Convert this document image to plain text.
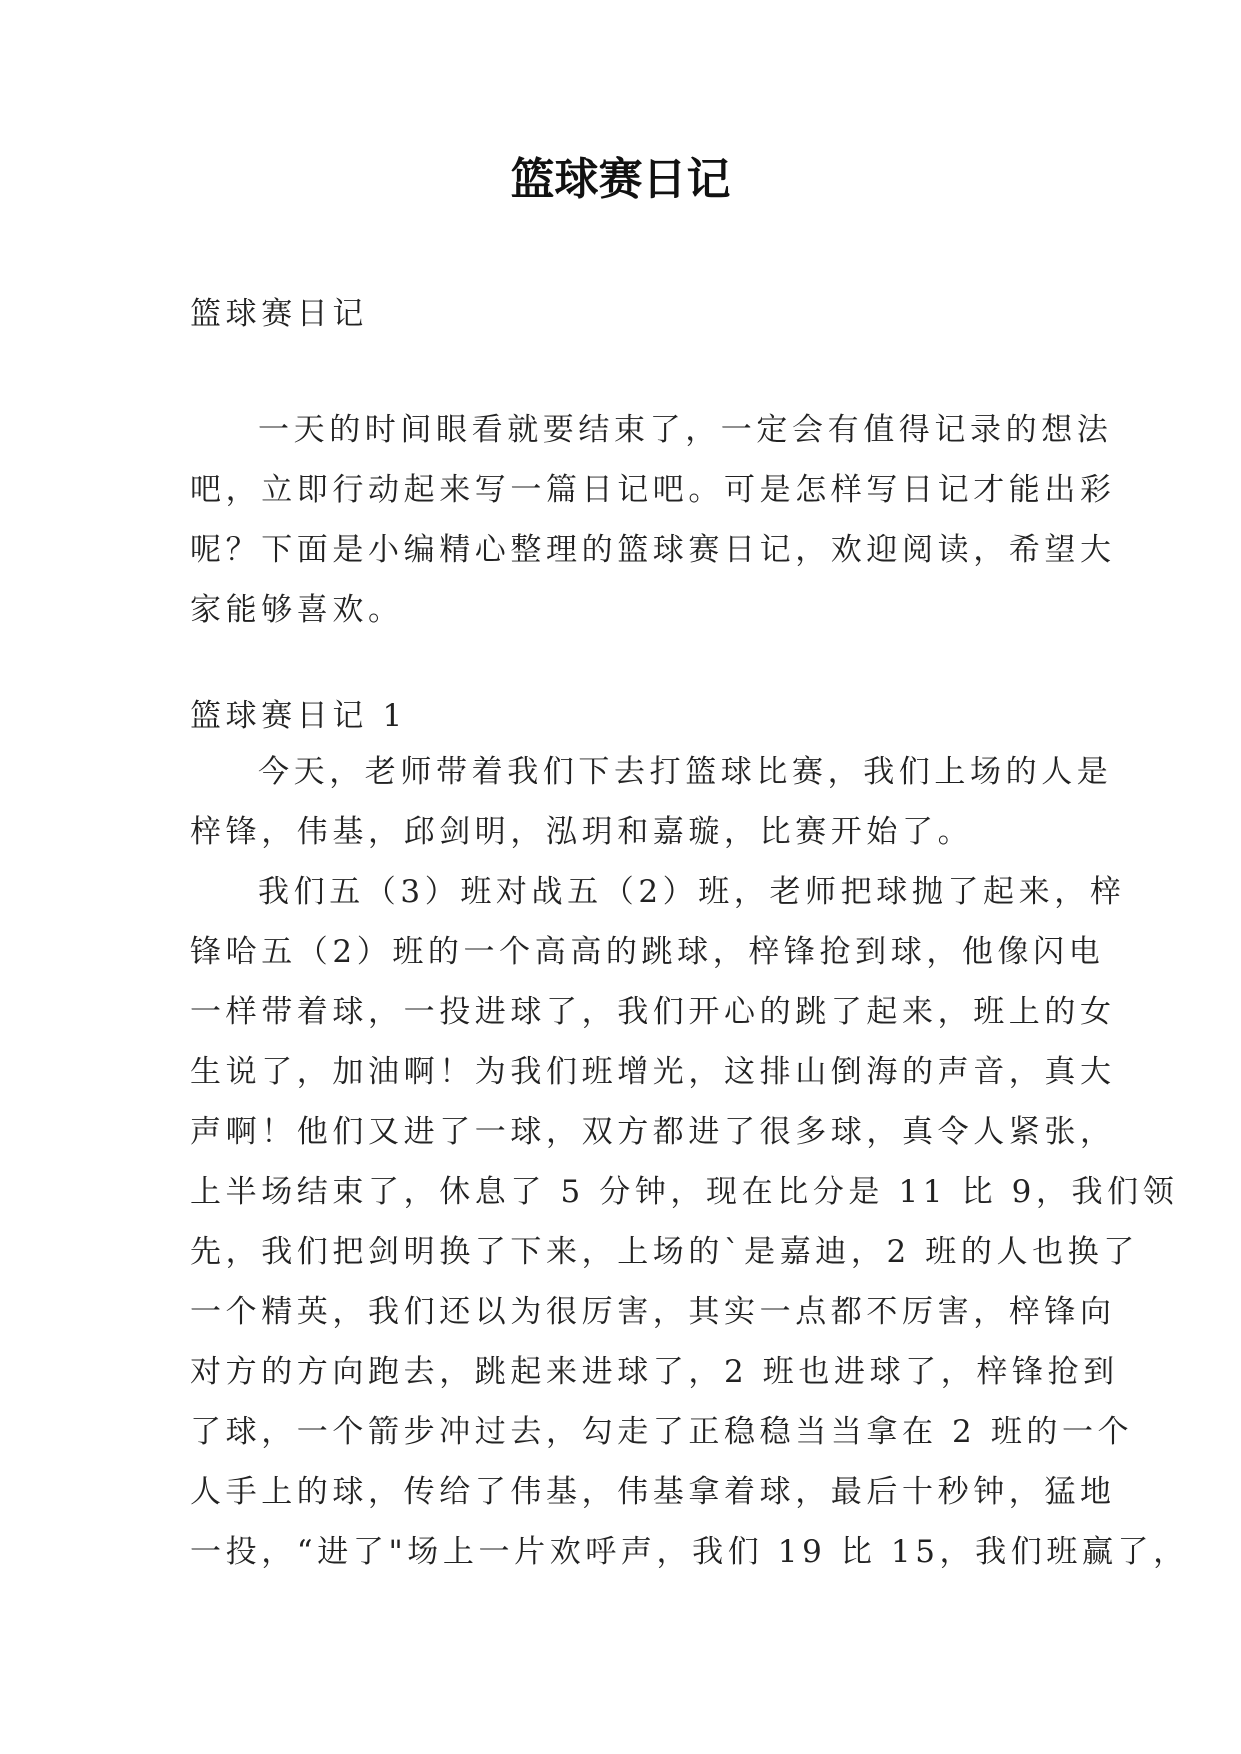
篮球赛日记
篮球赛日记
一天的时间眼看就要结束了，一定会有值得记录的想法
吧，立即行动起来写一篇日记吧。可是怎样写日记才能出彩
呢？下面是小编精心整理的篮球赛日记，欢迎阅读，希望大
家能够喜欢。
篮球赛日记 1
今天，老师带着我们下去打篮球比赛，我们上场的人是
梓锋，伟基，邱剑明，泓玥和嘉璇，比赛开始了。
我们五（3）班对战五（2）班，老师把球抛了起来，梓
锋哈五（2）班的一个高高的跳球，梓锋抢到球，他像闪电
一样带着球，一投进球了，我们开心的跳了起来，班上的女
生说了，加油啊！为我们班增光，这排山倒海的声音，真大
声啊！他们又进了一球，双方都进了很多球，真令人紧张，
上半场结束了，休息了 5 分钟，现在比分是 11 比 9，我们领
先，我们把剑明换了下来，上场的`是嘉迪，2 班的人也换了
一个精英，我们还以为很厉害，其实一点都不厉害，梓锋向
对方的方向跑去，跳起来进球了，2 班也进球了，梓锋抢到
了球，一个箭步冲过去，勾走了正稳稳当当拿在 2 班的一个
人手上的球，传给了伟基，伟基拿着球，最后十秒钟，猛地
一投，“进了"场上一片欢呼声，我们 19 比 15，我们班赢了，
